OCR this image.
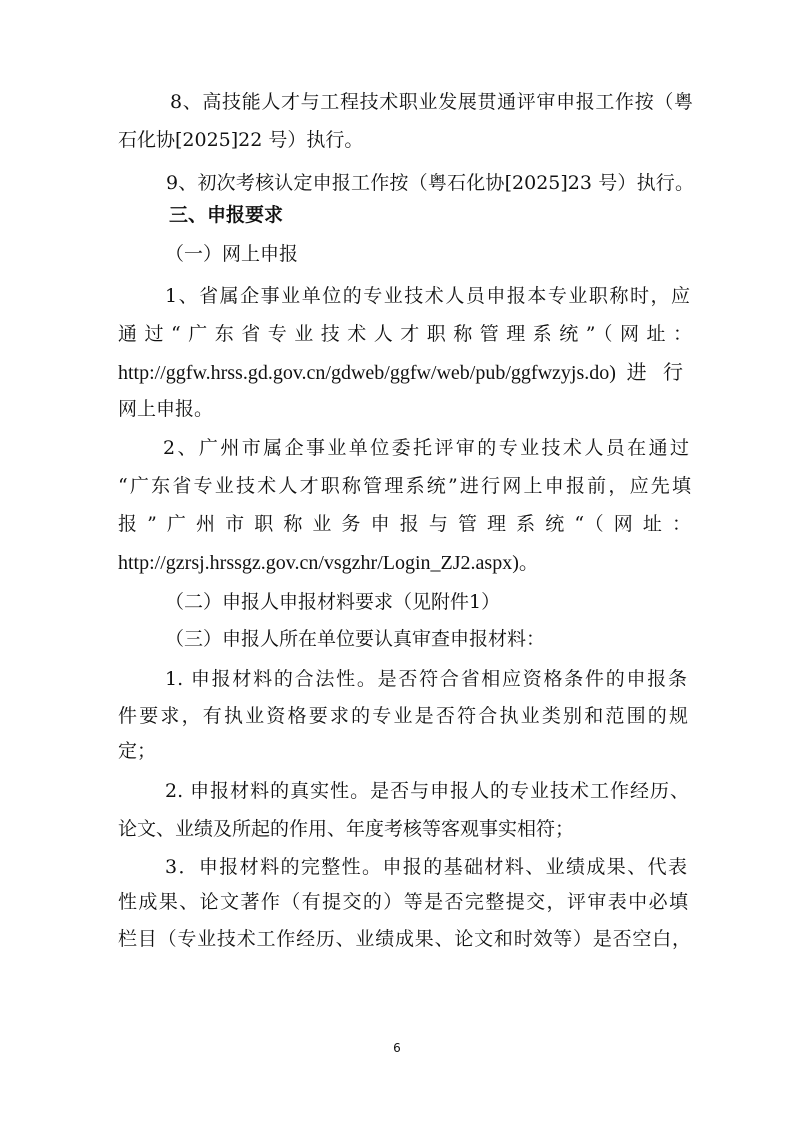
8、高技能人才与工程技术职业发展贯通评审申报工作按（粤
石化协[2025]22 号）执行。
9、初次考核认定申报工作按（粤石化协[2025]23 号）执行。
三、申报要求
（一）网上申报
1、省属企事业单位的专业技术人员申报本专业职称时，应
通过“广东省专业技术人才职称管理系统”（网址：
http://ggfw.hrss.gd.gov.cn/gdweb/ggfw/web/pub/ggfwzyjs.do) 进 行
网上申报。
2、广州市属企事业单位委托评审的专业技术人员在通过
“广东省专业技术人才职称管理系统”进行网上申报前，应先填
报”广州市职称业务申报与管理系统“（网址：
http://gzrsj.hrssgz.gov.cn/vsgzhr/Login_ZJ2.aspx)。
（二）申报人申报材料要求（见附件1）
（三）申报人所在单位要认真审查申报材料：
1. 申报材料的合法性。是否符合省相应资格条件的申报条
件要求，有执业资格要求的专业是否符合执业类别和范围的规
定；
2. 申报材料的真实性。是否与申报人的专业技术工作经历、
论文、业绩及所起的作用、年度考核等客观事实相符；
3．申报材料的完整性。申报的基础材料、业绩成果、代表
性成果、论文著作（有提交的）等是否完整提交，评审表中必填
栏目（专业技术工作经历、业绩成果、论文和时效等）是否空白，
6
